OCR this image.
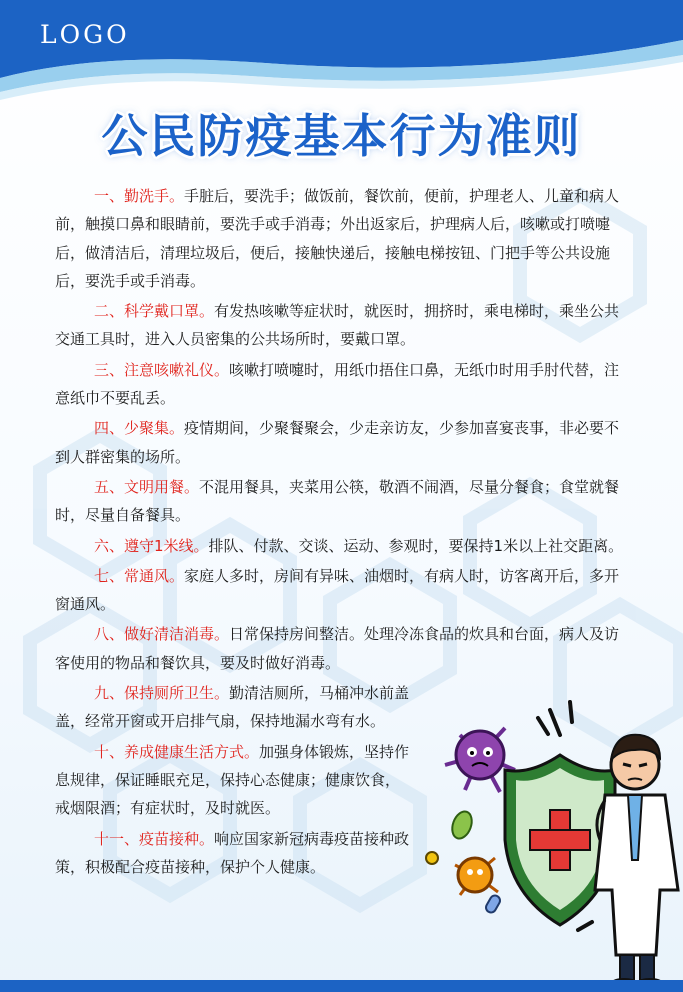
LOGO
公民防疫基本行为准则
一、勤洗手。手脏后，要洗手；做饭前，餐饮前，便前，护理老人、儿童和病人前，触摸口鼻和眼睛前，要洗手或手消毒；外出返家后，护理病人后，咳嗽或打喷嚏后，做清洁后，清理垃圾后，便后，接触快递后，接触电梯按钮、门把手等公共设施后，要洗手或手消毒。
二、科学戴口罩。有发热咳嗽等症状时，就医时，拥挤时，乘电梯时，乘坐公共交通工具时，进入人员密集的公共场所时，要戴口罩。
三、注意咳嗽礼仪。咳嗽打喷嚏时，用纸巾捂住口鼻，无纸巾时用手肘代替，注意纸巾不要乱丢。
四、少聚集。疫情期间，少聚餐聚会，少走亲访友，少参加喜宴丧事，非必要不到人群密集的场所。
五、文明用餐。不混用餐具，夹菜用公筷，敬酒不闹酒，尽量分餐食；食堂就餐时，尽量自备餐具。
六、遵守1米线。排队、付款、交谈、运动、参观时，要保持1米以上社交距离。
七、常通风。家庭人多时，房间有异味、油烟时，有病人时，访客离开后，多开窗通风。
八、做好清洁消毒。日常保持房间整洁。处理冷冻食品的炊具和台面，病人及访客使用的物品和餐饮具，要及时做好消毒。
九、保持厕所卫生。勤清洁厕所，马桶冲水前盖盖，经常开窗或开启排气扇，保持地漏水弯有水。
十、养成健康生活方式。加强身体锻炼，坚持作息规律，保证睡眠充足，保持心态健康；健康饮食，戒烟限酒；有症状时，及时就医。
十一、疫苗接种。响应国家新冠病毒疫苗接种政策，积极配合疫苗接种，保护个人健康。
